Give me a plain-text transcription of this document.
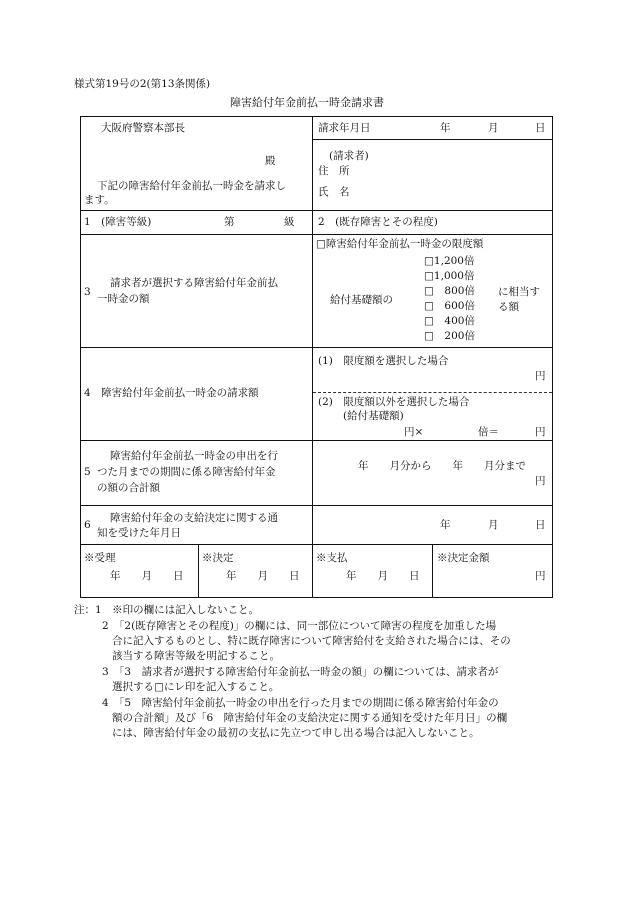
様式第19号の2(第13条関係)
障害給付年金前払一時金請求書
大阪府警察本部長
殿
下記の障害給付年金前払一時金を請求し
ます。
請求年月日	年	月	日
(請求者)
住　所
氏　名
1　(障害等級)	第	級 2　(既存障害とその程度)
3
請求者が選択する障害給付年金前払
一時金の額
□障害給付年金前払一時金の限度額
給付基礎額の
□1,200倍
□1,000倍
□　800倍
□　600倍
□　400倍
□　200倍
に相当す
る額
4　障害給付年金前払一時金の請求額
(1)　限度額を選択した場合
円
(2)　限度額以外を選択した場合
(給付基礎額)
円×	倍＝	円
5
障害給付年金前払一時金の申出を行
つた月までの期間に係る障害給付年金
の額の合計額
年　　月分から　　年　　月分まで
円
6
障害給付年金の支給決定に関する通
知を受けた年月日
年	月	日
※受理
年　　月　　日
※決定
年　　月　　日
※支払
年　　月　　日
※決定金額
円
注：1　※印の欄には記入しないこと。
2　「2(既存障害とその程度)」の欄には、同一部位について障害の程度を加重した場
合に記入するものとし、特に既存障害について障害給付を支給された場合には、その
該当する障害等級を明記すること。
3　「3　請求者が選択する障害給付年金前払一時金の額」の欄については、請求者が
選択する□にレ印を記入すること。
4　「5　障害給付年金前払一時金の申出を行った月までの期間に係る障害給付年金の
額の合計額」及び「6　障害給付年金の支給決定に関する通知を受けた年月日」の欄
には、障害給付年金の最初の支払に先立つて申し出る場合は記入しないこと。
